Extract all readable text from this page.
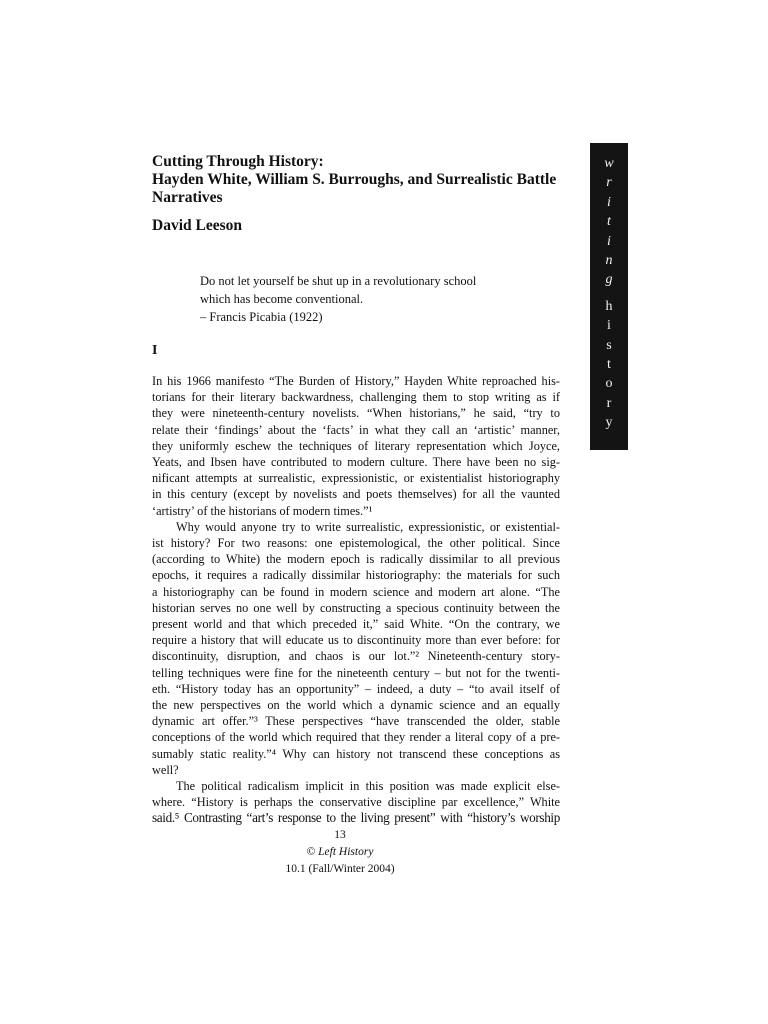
Cutting Through History:
Hayden White, William S. Burroughs, and Surrealistic Battle
Narratives
David Leeson
Do not let yourself be shut up in a revolutionary school
which has become conventional.
– Francis Picabia (1922)
I
In his 1966 manifesto “The Burden of History,” Hayden White reproached his-
torians for their literary backwardness, challenging them to stop writing as if
they were nineteenth-century novelists. “When historians,” he said, “try to
relate their ‘findings’ about the ‘facts’ in what they call an ‘artistic’ manner,
they uniformly eschew the techniques of literary representation which Joyce,
Yeats, and Ibsen have contributed to modern culture. There have been no sig-
nificant attempts at surrealistic, expressionistic, or existentialist historiography
in this century (except by novelists and poets themselves) for all the vaunted
‘artistry’ of the historians of modern times.”¹
Why would anyone try to write surrealistic, expressionistic, or existential-
ist history? For two reasons: one epistemological, the other political. Since
(according to White) the modern epoch is radically dissimilar to all previous
epochs, it requires a radically dissimilar historiography: the materials for such
a historiography can be found in modern science and modern art alone. “The
historian serves no one well by constructing a specious continuity between the
present world and that which preceded it,” said White. “On the contrary, we
require a history that will educate us to discontinuity more than ever before: for
discontinuity, disruption, and chaos is our lot.”² Nineteenth-century story-
telling techniques were fine for the nineteenth century – but not for the twenti-
eth. “History today has an opportunity” – indeed, a duty – “to avail itself of
the new perspectives on the world which a dynamic science and an equally
dynamic art offer.”³ These perspectives “have transcended the older, stable
conceptions of the world which required that they render a literal copy of a pre-
sumably static reality.”⁴ Why can history not transcend these conceptions as
well?
The political radicalism implicit in this position was made explicit else-
where. “History is perhaps the conservative discipline par excellence,” White
said.⁵ Contrasting “art’s response to the living present” with “history’s worship
13
© Left History
10.1 (Fall/Winter 2004)
w
r
i
t
i
n
g
h
i
s
t
o
r
y
